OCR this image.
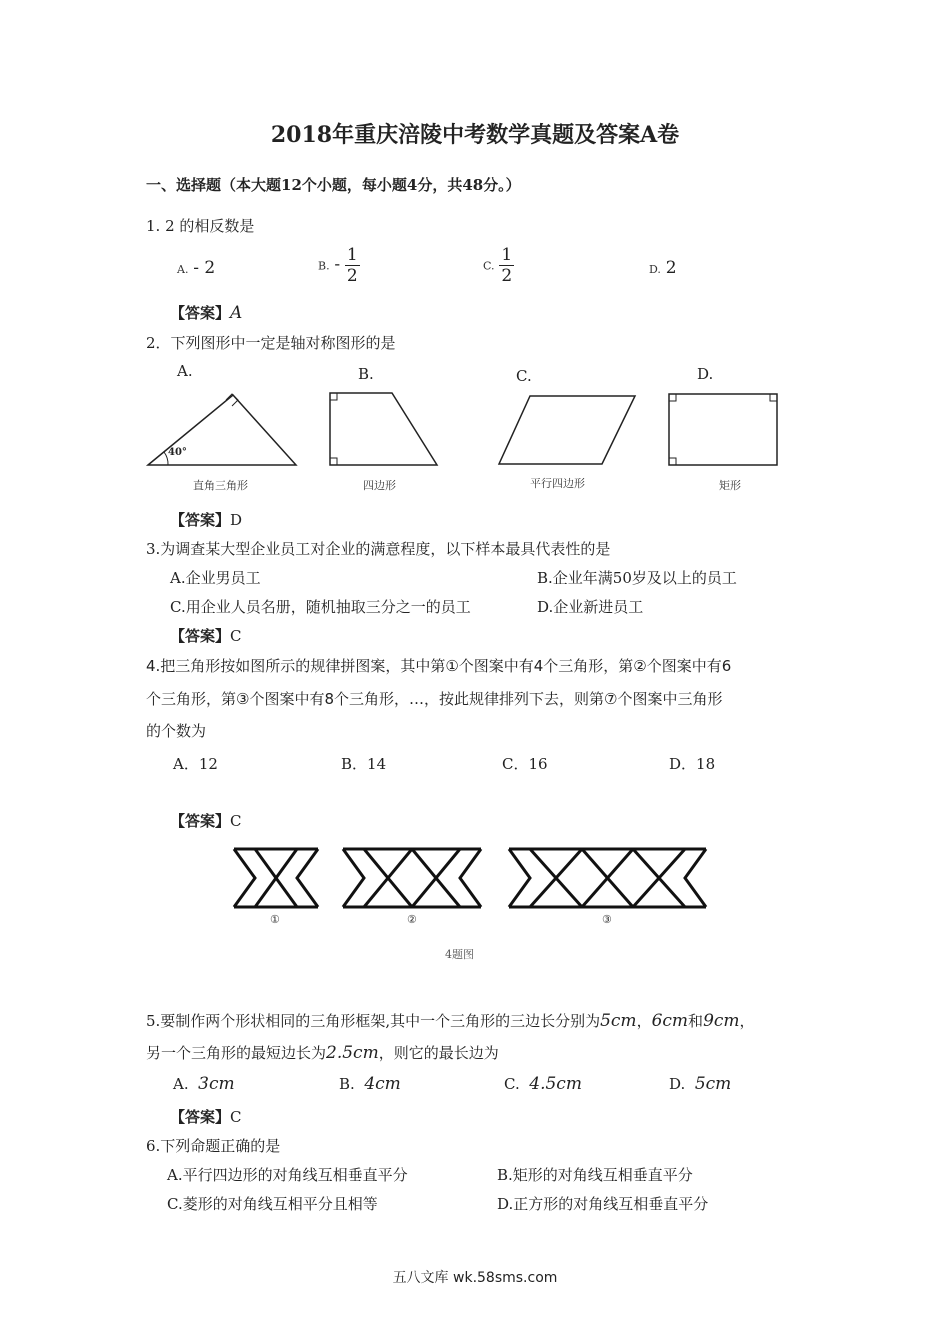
2018年重庆涪陵中考数学真题及答案A卷
一、选择题（本大题12个小题，每小题4分，共48分。）
1. 2 的相反数是
A. - 2	B. - $\frac{1}{2}$	C. $\frac{1}{2}$	D. 2
【答案】A
2．下列图形中一定是轴对称图形的是
A.	B.	C.	D.
40°
直角三角形	四边形	平行四边形	矩形
【答案】D
3.为调查某大型企业员工对企业的满意程度，以下样本最具代表性的是
A.企业男员工	B.企业年满50岁及以上的员工
C.用企业人员名册，随机抽取三分之一的员工	D.企业新进员工
【答案】C
4.把三角形按如图所示的规律拼图案，其中第①个图案中有4个三角形，第②个图案中有6
个三角形，第③个图案中有8个三角形，…，按此规律排列下去，则第⑦个图案中三角形
的个数为
A．12	B．14	C．16	D．18
【答案】C
①	②	③
4题图
5.要制作两个形状相同的三角形框架,其中一个三角形的三边长分别为5cm，6cm和9cm，
另一个三角形的最短边长为2.5cm，则它的最长边为
A. 3cm	B. 4cm	C. 4.5cm	D. 5cm
【答案】C
6.下列命题正确的是
A.平行四边形的对角线互相垂直平分	B.矩形的对角线互相垂直平分
C.菱形的对角线互相平分且相等	D.正方形的对角线互相垂直平分
五八文库 wk.58sms.com
